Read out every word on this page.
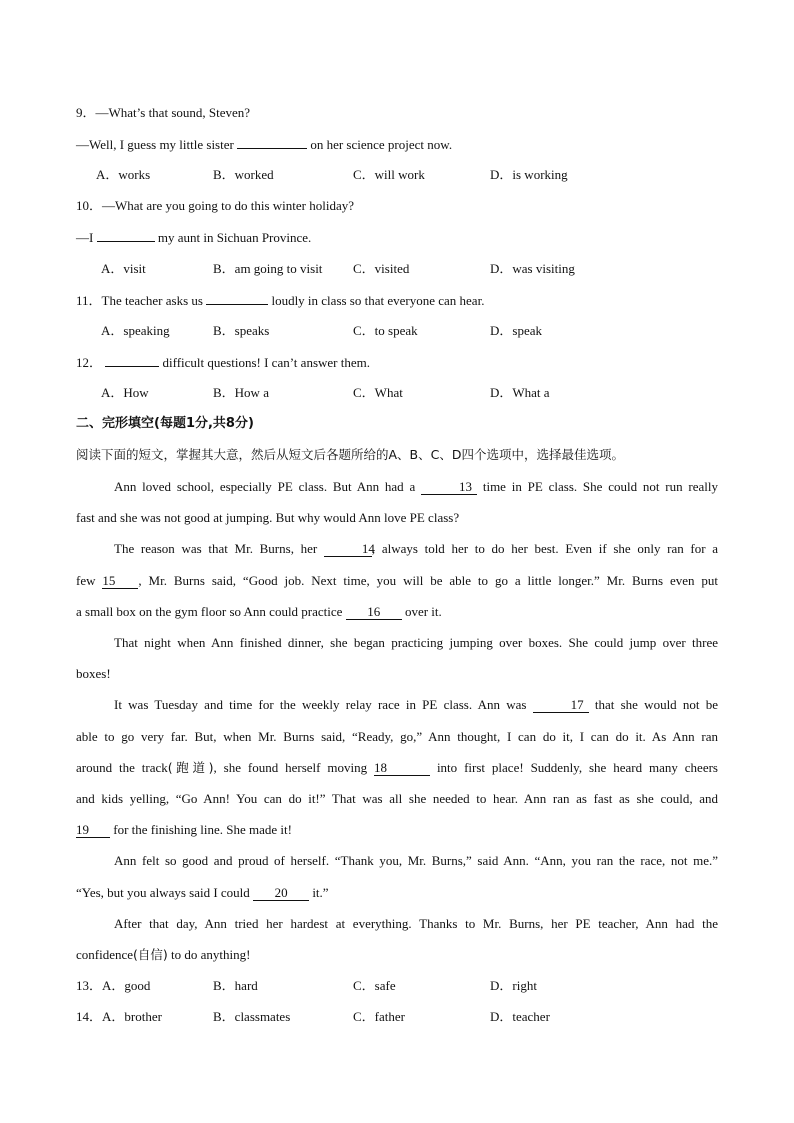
9．—What’s that sound, Steven?
—Well, I guess my little sister	on her science project now.
A．works	B．worked	C．will work	D．is working
10．—What are you going to do this winter holiday?
—I	my aunt in Sichuan Province.
A．visit	B．am going to visit C．visited	D．was visiting
11．The teacher asks us	loudly in class so that everyone can hear.
A．speaking	B．speaks	C．to speak	D．speak
12．	difficult questions! I can’t answer them.
A．How	B．How a	C．What	D．What a
二、完形填空(每题1分,共8分)
阅读下面的短文，掌握其大意，然后从短文后各题所给的A、B、C、D四个选项中，选择最佳选项。
Ann loved school, especially PE class. But Ann had a	13 time in PE class. She could not run really
fast and she was not good at jumping. But why would Ann love PE class?
The reason was that Mr. Burns, her	14, always told her to do her best. Even if she only ran for a
few 15 , Mr. Burns said, “Good job. Next time, you will be able to go a little longer.” Mr. Burns even put
a small box on the gym floor so Ann could practice 16 over it.
That night when Ann finished dinner, she began practicing jumping over boxes. She could jump over three
boxes!
It was Tuesday and time for the weekly relay race in PE class. Ann was	17 that she would not be
able to go very far. But, when Mr. Burns said, “Ready, go,” Ann thought, I can do it, I can do it. As Ann ran
around the track(跑道), she found herself moving 18	into first place! Suddenly, she heard many cheers
and kids yelling, “Go Ann! You can do it!” That was all she needed to hear. Ann ran as fast as she could, and
19 for the finishing line. She made it!
Ann felt so good and proud of herself. “Thank you, Mr. Burns,” said Ann. “Ann, you ran the race, not me.”
“Yes, but you always said I could 20 it.”
After that day, Ann tried her hardest at everything. Thanks to Mr. Burns, her PE teacher, Ann had the
confidence(自信) to do anything!
13．A．good	B．hard	C．safe	D．right
14．A．brother	B．classmates	C．father	D．teacher
